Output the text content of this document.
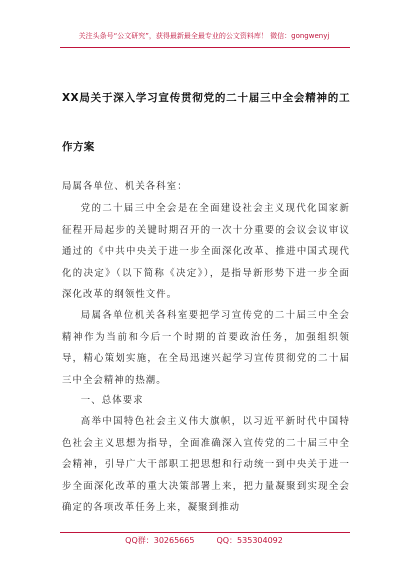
关注头条号“公文研究”，获得最新最全最专业的公文资料库！ 微信：gongwenyj
XX局关于深入学习宣传贯彻党的二十届三中全会精神的工作方案
局属各单位、机关各科室：
党的二十届三中全会是在全面建设社会主义现代化国家新征程开局起步的关键时期召开的一次十分重要的会议会议审议通过的《中共中央关于进一步全面深化改革、推进中国式现代化的决定》（以下简称《决定》），是指导新形势下进一步全面深化改革的纲领性文件。
局属各单位机关各科室要把学习宣传党的二十届三中全会精神作为当前和今后一个时期的首要政治任务，加强组织领导，精心策划实施，在全局迅速兴起学习宣传贯彻党的二十届三中全会精神的热潮。
一、总体要求
高举中国特色社会主义伟大旗帜，以习近平新时代中国特色社会主义思想为指导，全面准确深入宣传党的二十届三中全会精神，引导广大干部职工把思想和行动统一到中央关于进一步全面深化改革的重大决策部署上来，把力量凝聚到实现全会确定的各项改革任务上来，凝聚到推动
QQ群：30265665	QQ：535304092
